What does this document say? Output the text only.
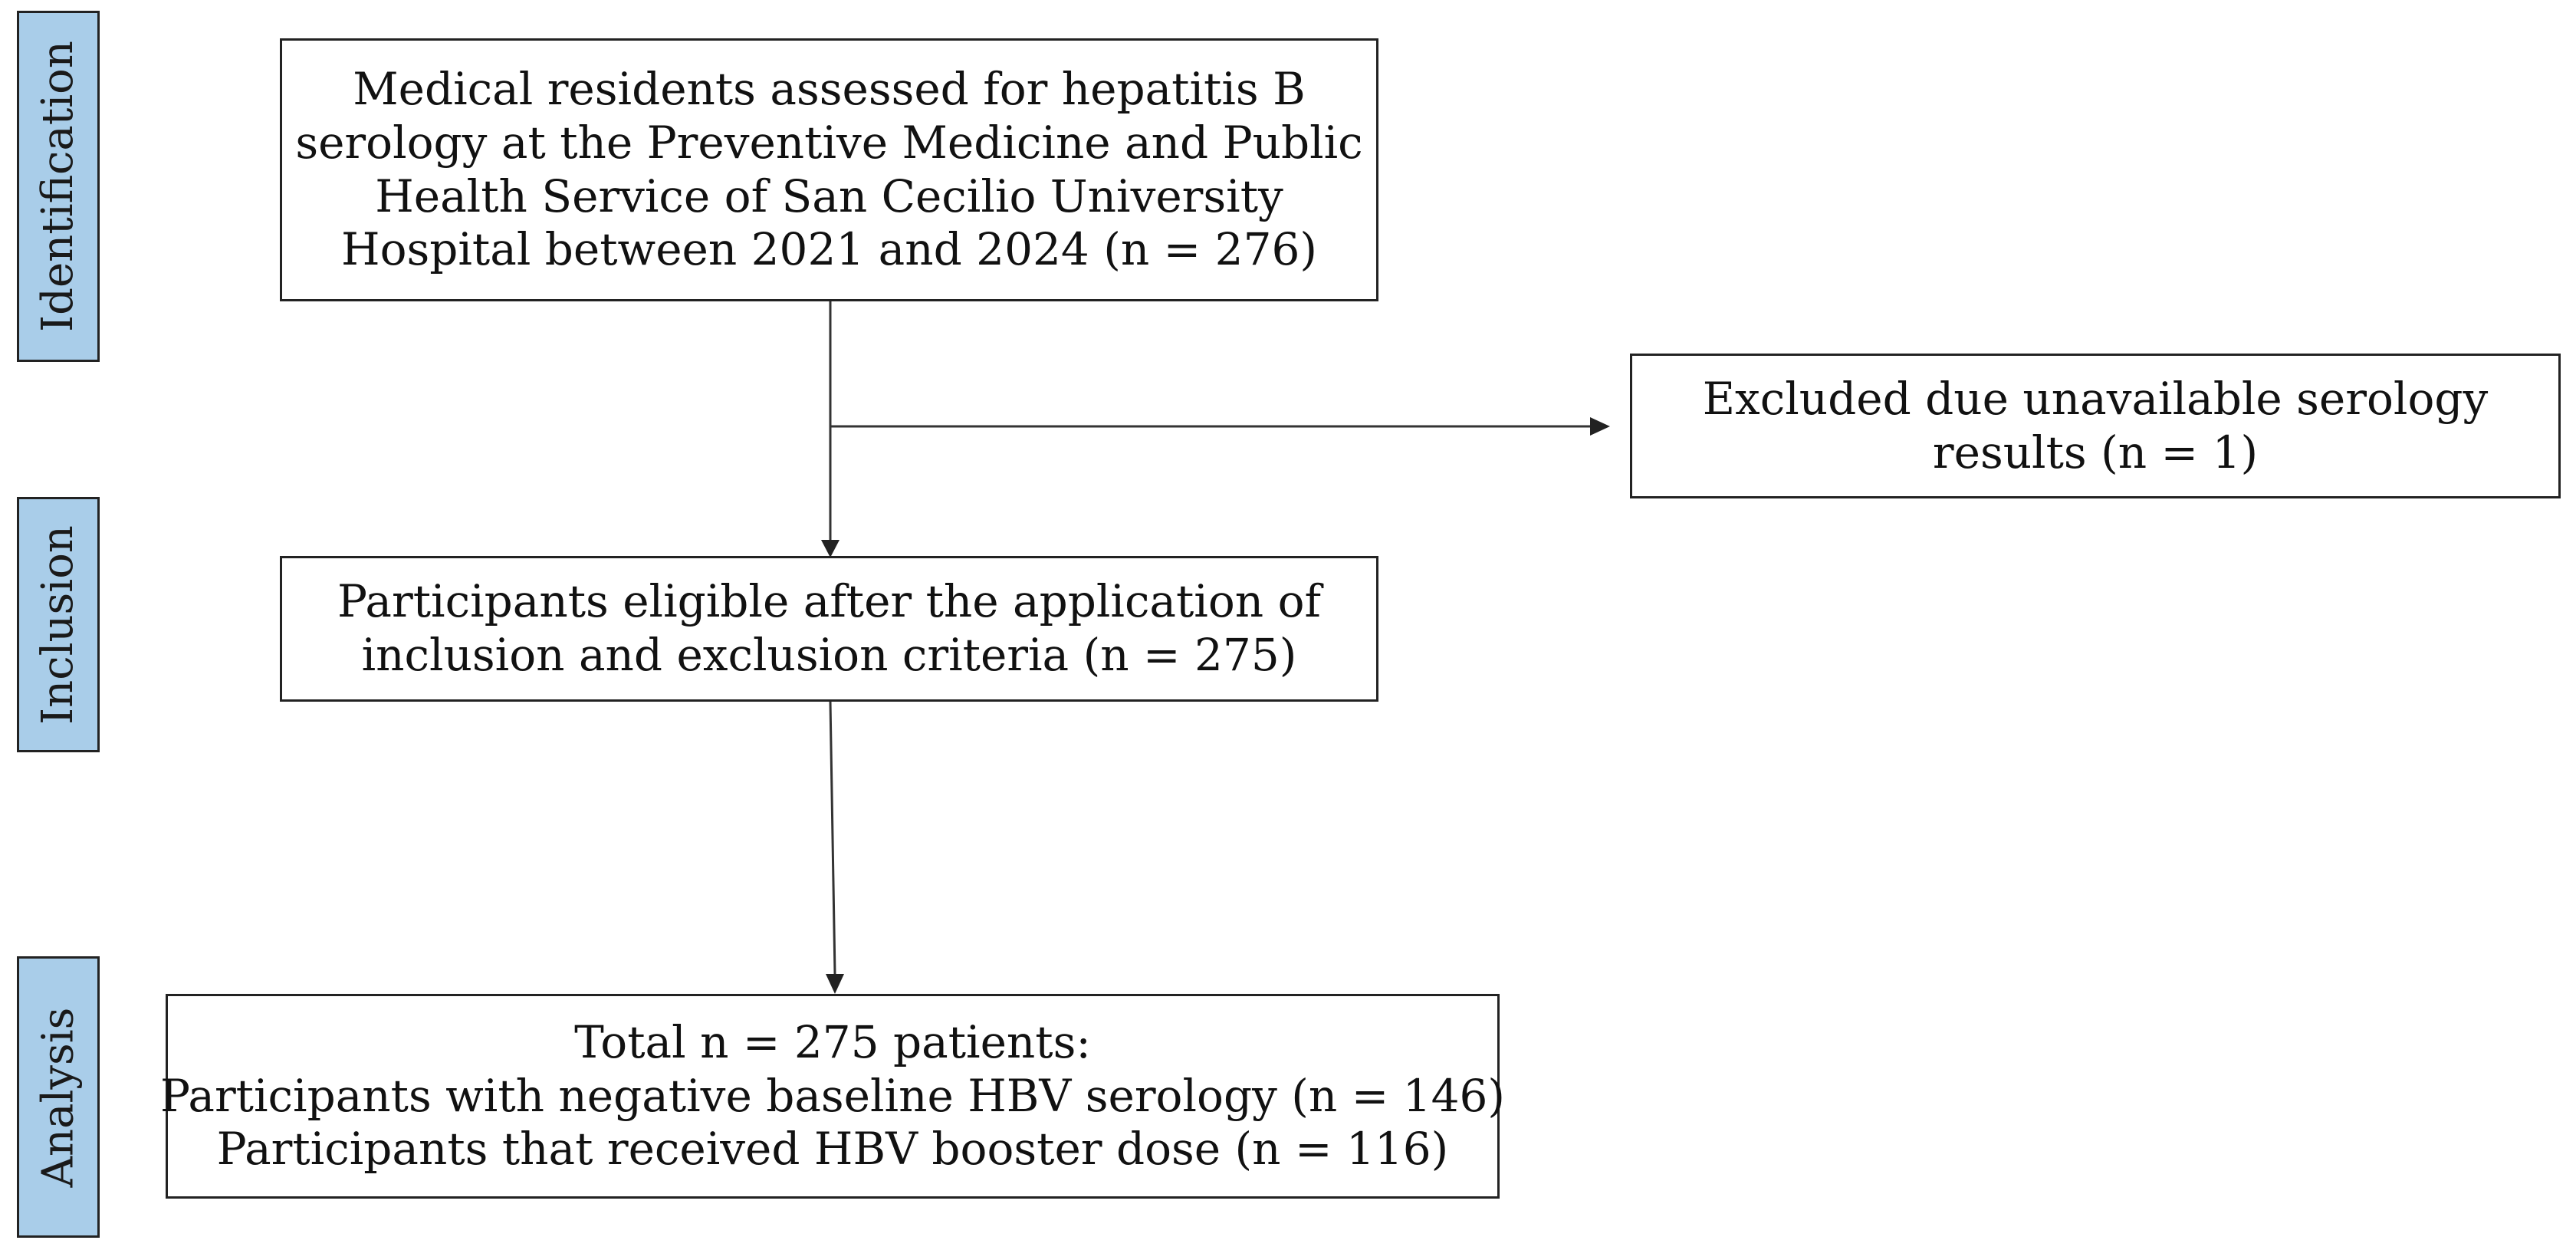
Identification
Inclusion
Analysis
Medical residents assessed for hepatitis B
serology at the Preventive Medicine and Public
Health Service of San Cecilio University
Hospital between 2021 and 2024 (n = 276)
Excluded due unavailable serology
results (n = 1)
Participants eligible after the application of
inclusion and exclusion criteria (n = 275)
Total n = 275 patients:
Participants with negative baseline HBV serology (n = 146)
Participants that received HBV booster dose (n = 116)
